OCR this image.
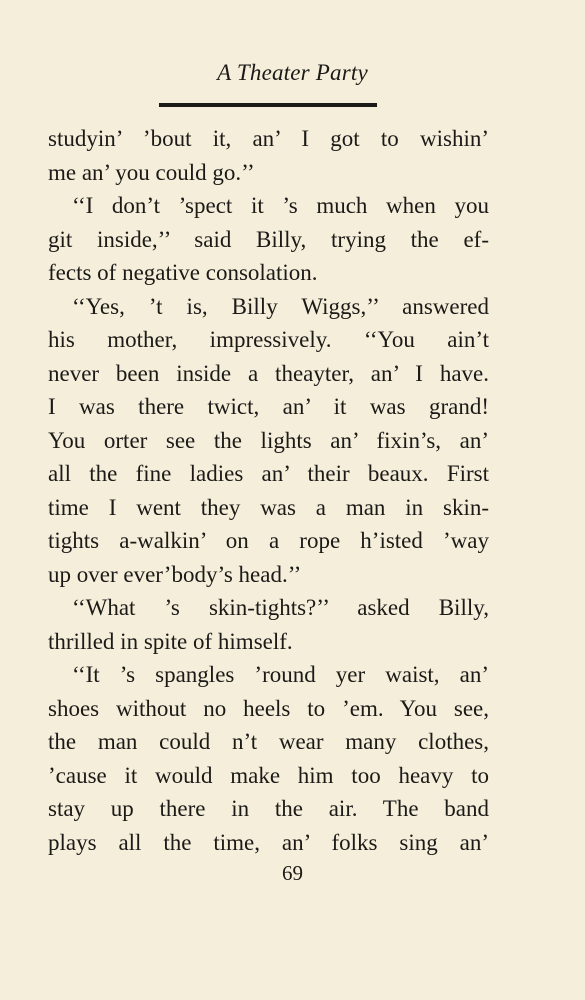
A Theater Party
studyin’ ’bout it, an’ I got to wishin’
me an’ you could go.’’
‘‘I don’t ’spect it ’s much when you
git inside,’’ said Billy, trying the ef-
fects of negative consolation.
‘‘Yes, ’t is, Billy Wiggs,’’ answered
his mother, impressively. ‘‘You ain’t
never been inside a theayter, an’ I have.
I was there twict, an’ it was grand!
You orter see the lights an’ fixin’s, an’
all the fine ladies an’ their beaux. First
time I went they was a man in skin-
tights a-walkin’ on a rope h’isted ’way
up over ever’body’s head.’’
‘‘What ’s skin-tights?’’ asked Billy,
thrilled in spite of himself.
‘‘It ’s spangles ’round yer waist, an’
shoes without no heels to ’em. You see,
the man could n’t wear many clothes,
’cause it would make him too heavy to
stay up there in the air. The band
plays all the time, an’ folks sing an’
69
